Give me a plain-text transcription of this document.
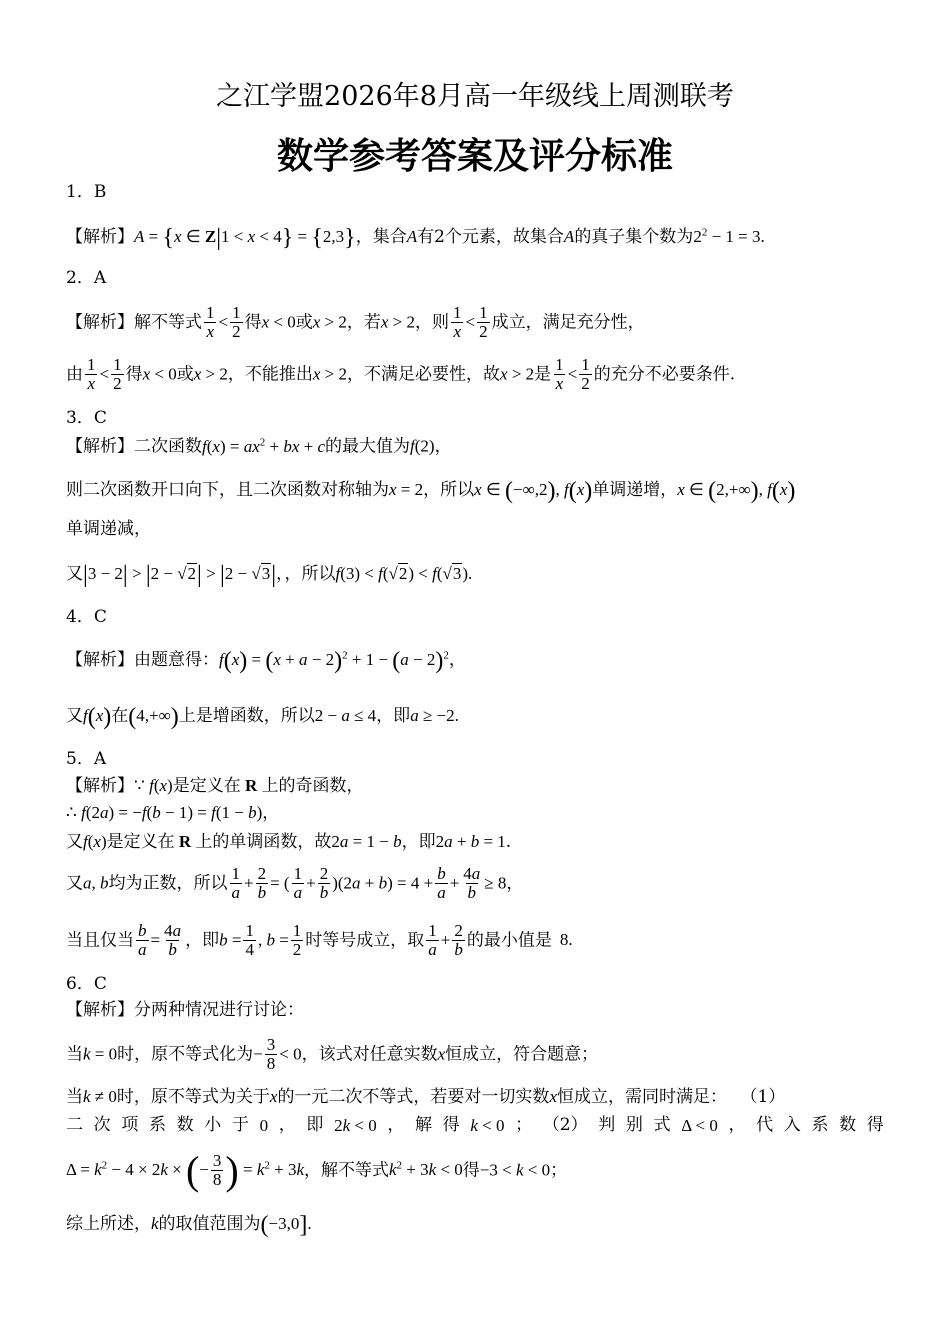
之江学盟2026年8月高一年级线上周测联考
数学参考答案及评分标准
1．B
【解析】A = {x ∈ Z|1 < x < 4} = {2,3}，集合A有2个元素，故集合A的真子集个数为$2^2 - 1 = 3$.
2．A
【解析】解不等式 $\frac{1}{x} < \frac{1}{2}$ 得x < 0或x > 2，若x > 2，则 $\frac{1}{x} < \frac{1}{2}$ 成立，满足充分性，
由 $\frac{1}{x} < \frac{1}{2}$ 得x < 0或x > 2，不能推出x > 2，不满足必要性，故x > 2是 $\frac{1}{x} < \frac{1}{2}$ 的充分不必要条件.
3．C
【解析】二次函数$f(x) = ax^2$ + bx + c的最大值为f(2)，
则二次函数开口向下，且二次函数对称轴为x = 2，所以x ∈ (−∞,2), f(x)单调递增，x ∈ (2,+∞), f(x)
单调递减，
又|3 − 2| > |2 − √2| > |2 − √3|，，所以f(3) < f(√2) < f(√3).
4．C
【解析】由题意得：$f(x) = (x + a - 2)^2 + 1 - (a - 2)^2$，
又f(x)在(4,+∞)上是增函数，所以2 − a ≤ 4，即a ≥ −2.
5．A
【解析】∵ f(x)是定义在 R 上的奇函数，
∴ f(2a) = −f(b − 1) = f(1 − b)，
又f(x)是定义在 R 上的单调函数，故2a = 1 − b，即2a + b = 1.
又a, b均为正数，所以 $\frac{1}{a} + \frac{2}{b}$ = ( $\frac{1}{a} + \frac{2}{b} )(2a + b) = 4 + \frac{b}{a} + \frac{4a}{b} \ge 8$，
当且仅当 $\frac{b}{a} = \frac{4a}{b}$ ，即$b = \frac{1}{4}$ , $b = \frac{1}{2}$ 时等号成立，取 $\frac{1}{a} + \frac{2}{b}$ 的最小值是 8.
6．C
【解析】分两种情况进行讨论：
当k = 0时，原不等式化为− $\frac{3}{8} < 0$，该式对任意实数x恒成立，符合题意；
当k ≠ 0时，原不等式为关于x的一元二次不等式，若要对一切实数x恒成立，需同时满足： （1）
二 次 项 系 数 小 于 0 ， 即 2k < 0 ， 解 得 k < 0 ； （2） 判 别 式 Δ < 0 ， 代 入 系 数 得
$\Delta = k^2 - 4 \times 2k$ × (− $\frac{3}{8}$ ) = $k^2 + 3k$，解不等式$k^2 + 3k < 0$得−3 < k < 0；
综上所述，k的取值范围为(−3,0].
